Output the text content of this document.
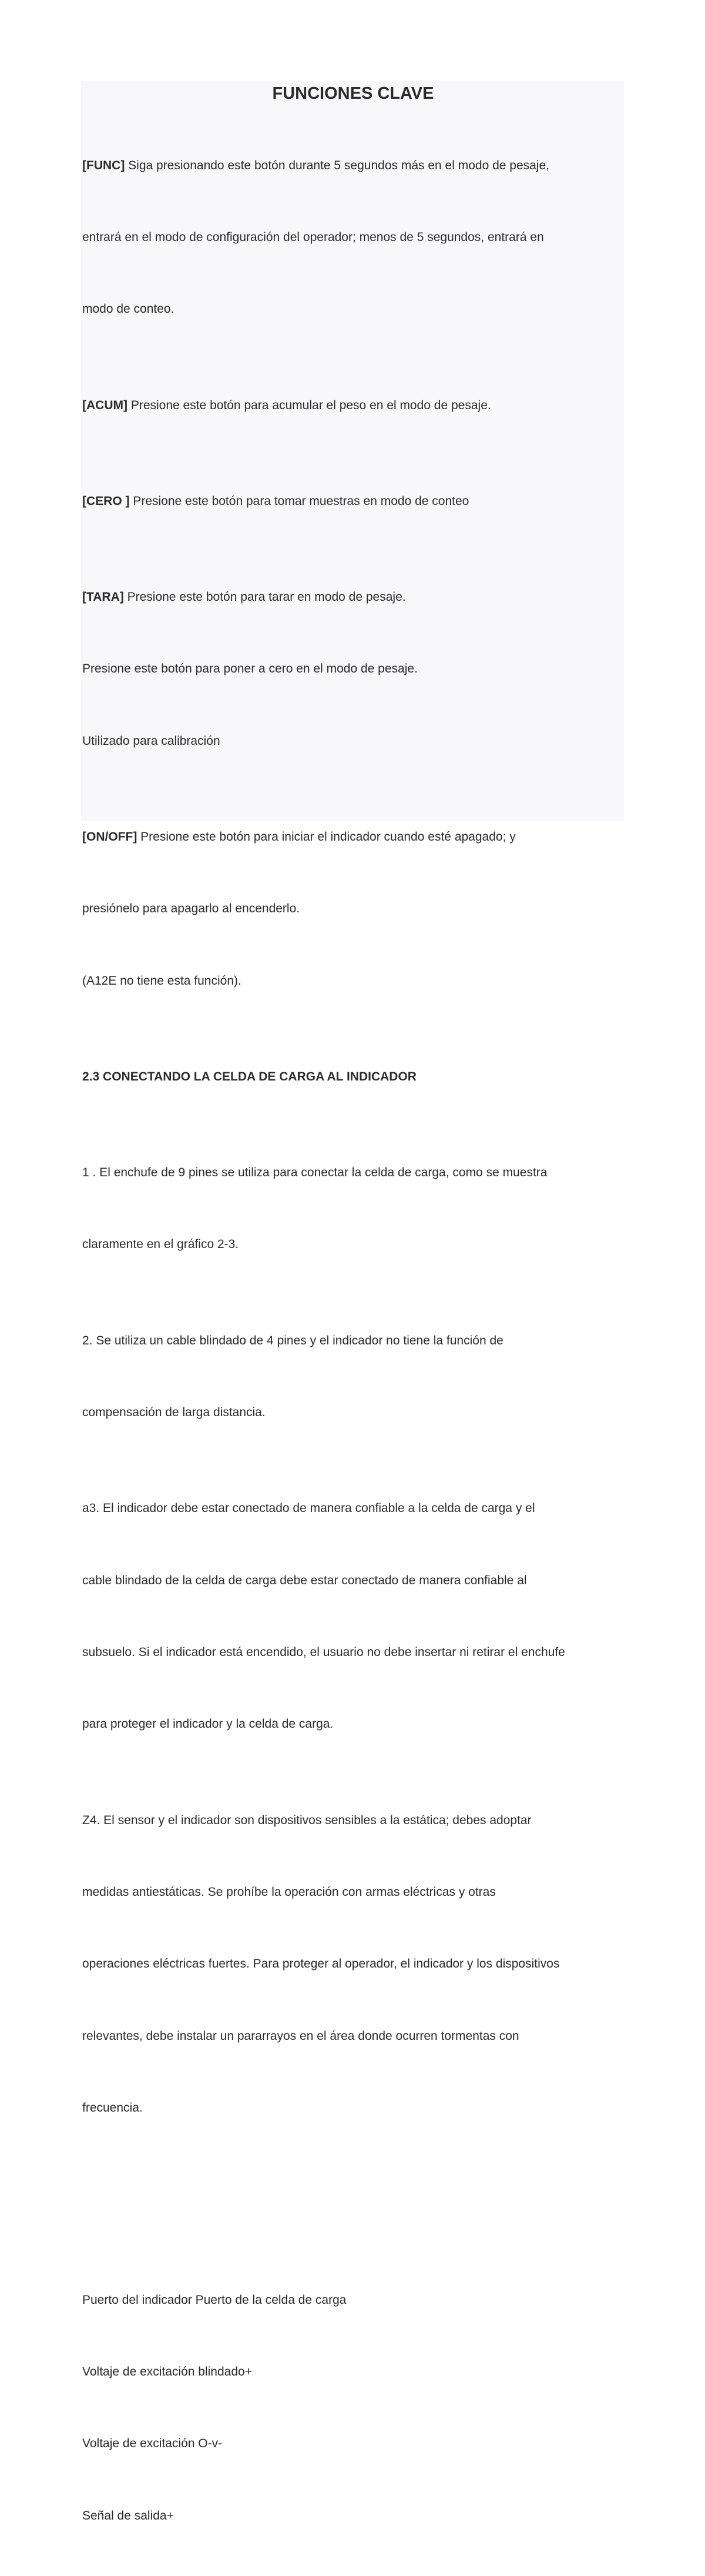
FUNCIONES CLAVE

[FUNC] Siga presionando este botón durante 5 segundos más en el modo de pesaje,

entrará en el modo de configuración del operador; menos de 5 segundos, entrará en

modo de conteo.

[ACUM] Presione este botón para acumular el peso en el modo de pesaje.

[CERO ] Presione este botón para tomar muestras en modo de conteo

[TARA] Presione este botón para tarar en modo de pesaje.

Presione este botón para poner a cero en el modo de pesaje.

Utilizado para calibración

[ON/OFF] Presione este botón para iniciar el indicador cuando esté apagado; y

presiónelo para apagarlo al encenderlo.

(A12E no tiene esta función).

2.3 CONECTANDO LA CELDA DE CARGA AL INDICADOR

1 . El enchufe de 9 pines se utiliza para conectar la celda de carga, como se muestra

claramente en el gráfico 2-3.

2. Se utiliza un cable blindado de 4 pines y el indicador no tiene la función de

compensación de larga distancia.

a3. El indicador debe estar conectado de manera confiable a la celda de carga y el

cable blindado de la celda de carga debe estar conectado de manera confiable al

subsuelo. Si el indicador está encendido, el usuario no debe insertar ni retirar el enchufe

para proteger el indicador y la celda de carga.

Z4. El sensor y el indicador son dispositivos sensibles a la estática; debes adoptar

medidas antiestáticas. Se prohíbe la operación con armas eléctricas y otras

operaciones eléctricas fuertes. Para proteger al operador, el indicador y los dispositivos

relevantes, debe instalar un pararrayos en el área donde ocurren tormentas con

frecuencia.

Puerto del indicador Puerto de la celda de carga

Voltaje de excitación blindado+

Voltaje de excitación O-v-

Señal de salida+
